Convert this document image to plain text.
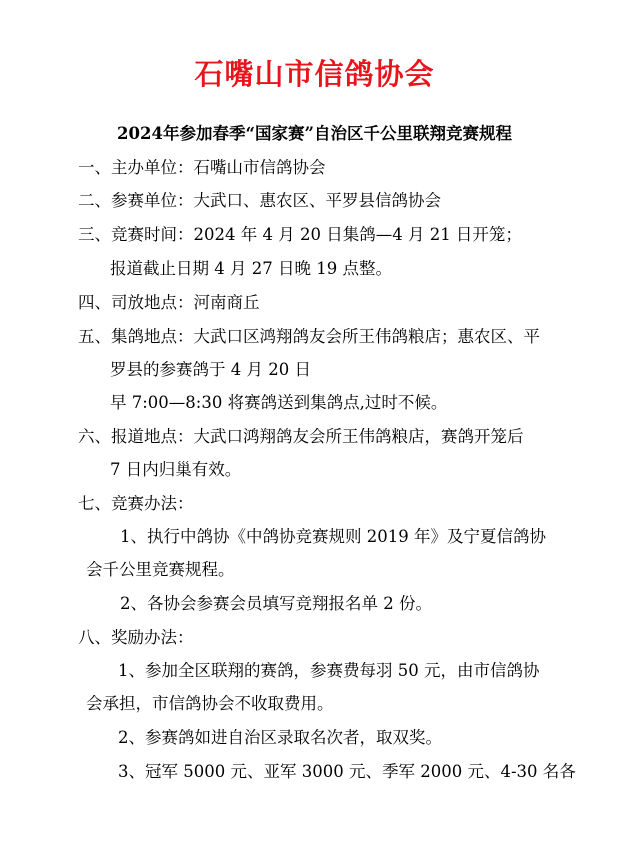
石嘴山市信鸽协会
2024年参加春季“国家赛”自治区千公里联翔竞赛规程
一、主办单位：石嘴山市信鸽协会
二、参赛单位：大武口、惠农区、平罗县信鸽协会
三、竞赛时间：2024 年 4 月 20 日集鸽—4 月 21 日开笼；
报道截止日期 4 月 27 日晚 19 点整。
四、司放地点：河南商丘
五、集鸽地点：大武口区鸿翔鸽友会所王伟鸽粮店；惠农区、平
罗县的参赛鸽于 4 月 20 日
早 7:00—8:30 将赛鸽送到集鸽点,过时不候。
六、报道地点：大武口鸿翔鸽友会所王伟鸽粮店，赛鸽开笼后
7 日内归巢有效。
七、竞赛办法：
1、执行中鸽协《中鸽协竞赛规则 2019 年》及宁夏信鸽协
会千公里竞赛规程。
2、各协会参赛会员填写竞翔报名单 2 份。
八、奖励办法：
1、参加全区联翔的赛鸽，参赛费每羽 50 元，由市信鸽协
会承担，市信鸽协会不收取费用。
2、参赛鸽如进自治区录取名次者，取双奖。
3、冠军 5000 元、亚军 3000 元、季军 2000 元、4-30 名各
